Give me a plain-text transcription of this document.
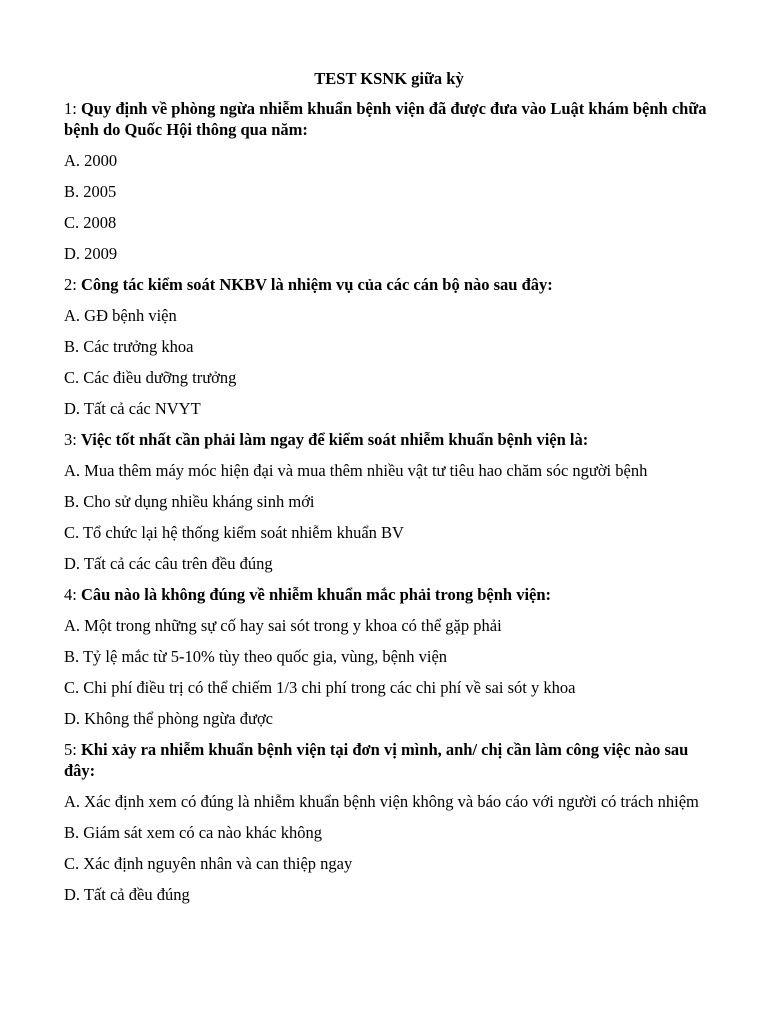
TEST KSNK giữa kỳ
1: Quy định về phòng ngừa nhiễm khuẩn bệnh viện đã được đưa vào Luật khám bệnh chữa bệnh do Quốc Hội thông qua năm:
A. 2000
B. 2005
C. 2008
D. 2009
2: Công tác kiểm soát NKBV là nhiệm vụ của các cán bộ nào sau đây:
A. GĐ bệnh viện
B. Các trưởng khoa
C. Các điều dưỡng trưởng
D. Tất cả các NVYT
3: Việc tốt nhất cần phải làm ngay để kiểm soát nhiễm khuẩn bệnh viện là:
A. Mua thêm máy móc hiện đại và mua thêm nhiều vật tư tiêu hao chăm sóc người bệnh
B. Cho sử dụng nhiều kháng sinh mới
C. Tổ chức lại hệ thống kiểm soát nhiễm khuẩn BV
D. Tất cả các câu trên đều đúng
4: Câu nào là không đúng về nhiễm khuẩn mắc phải trong bệnh viện:
A. Một trong những sự cố hay sai sót trong y khoa có thể gặp phải
B. Tỷ lệ mắc từ 5-10% tùy theo quốc gia, vùng, bệnh viện
C. Chi phí điều trị có thể chiếm 1/3 chi phí trong các chi phí về sai sót y khoa
D. Không thể phòng ngừa được
5: Khi xảy ra nhiễm khuẩn bệnh viện tại đơn vị mình, anh/ chị cần làm công việc nào sau đây:
A. Xác định xem có đúng là nhiễm khuẩn bệnh viện không và báo cáo với người có trách nhiệm
B. Giám sát xem có ca nào khác không
C. Xác định nguyên nhân và can thiệp ngay
D. Tất cả đều đúng
